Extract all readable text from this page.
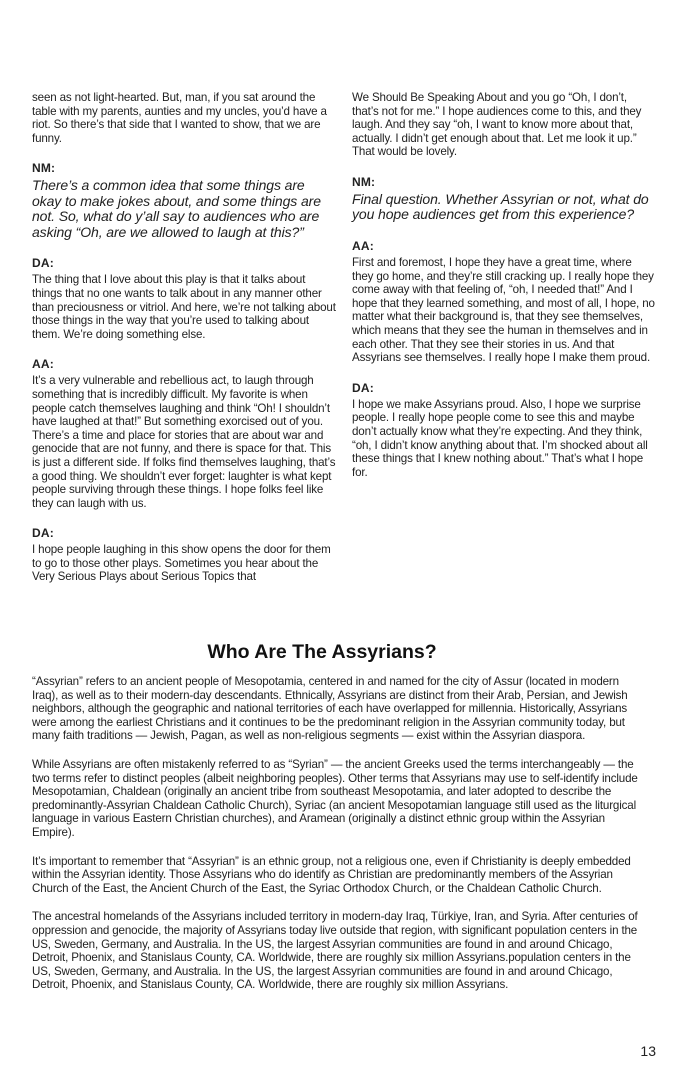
seen as not light-hearted. But, man, if you sat around the table with my parents, aunties and my uncles, you’d have a riot. So there’s that side that I wanted to show, that we are funny.

NM:

There’s a common idea that some things are okay to make jokes about, and some things are not. So, what do y’all say to audiences who are asking “Oh, are we allowed to laugh at this?”

DA:

The thing that I love about this play is that it talks about things that no one wants to talk about in any manner other than preciousness or vitriol. And here, we’re not talking about those things in the way that you’re used to talking about them. We’re doing something else.

AA:

It’s a very vulnerable and rebellious act, to laugh through something that is incredibly difficult. My favorite is when people catch themselves laughing and think “Oh! I shouldn’t have laughed at that!” But something exorcised out of you. There’s a time and place for stories that are about war and genocide that are not funny, and there is space for that. This is just a different side. If folks find themselves laughing, that’s a good thing. We shouldn’t ever forget: laughter is what kept people surviving through these things. I hope folks feel like they can laugh with us.

DA:

I hope people laughing in this show opens the door for them to go to those other plays. Sometimes you hear about the Very Serious Plays about Serious Topics that

We Should Be Speaking About and you go “Oh, I don’t, that’s not for me.” I hope audiences come to this, and they laugh. And they say “oh, I want to know more about that, actually. I didn’t get enough about that. Let me look it up.” That would be lovely.

NM:

Final question. Whether Assyrian or not, what do you hope audiences get from this experience?

AA:

First and foremost, I hope they have a great time, where they go home, and they’re still cracking up. I really hope they come away with that feeling of, “oh, I needed that!” And I hope that they learned something, and most of all, I hope, no matter what their background is, that they see themselves, which means that they see the human in themselves and in each other. That they see their stories in us. And that Assyrians see themselves. I really hope I make them proud.

DA:

I hope we make Assyrians proud. Also, I hope we surprise people. I really hope people come to see this and maybe don’t actually know what they’re expecting. And they think, “oh, I didn’t know anything about that. I’m shocked about all these things that I knew nothing about.” That’s what I hope for.

Who Are The Assyrians?

“Assyrian” refers to an ancient people of Mesopotamia, centered in and named for the city of Assur (located in modern Iraq), as well as to their modern-day descendants. Ethnically, Assyrians are distinct from their Arab, Persian, and Jewish neighbors, although the geographic and national territories of each have overlapped for millennia. Historically, Assyrians were among the earliest Christians and it continues to be the predominant religion in the Assyrian community today, but many faith traditions — Jewish, Pagan, as well as non-religious segments — exist within the Assyrian diaspora.

While Assyrians are often mistakenly referred to as “Syrian” — the ancient Greeks used the terms interchangeably — the two terms refer to distinct peoples (albeit neighboring peoples). Other terms that Assyrians may use to self-identify include Mesopotamian, Chaldean (originally an ancient tribe from southeast Mesopotamia, and later adopted to describe the predominantly-Assyrian Chaldean Catholic Church), Syriac (an ancient Mesopotamian language still used as the liturgical language in various Eastern Christian churches), and Aramean (originally a distinct ethnic group within the Assyrian Empire).

It’s important to remember that “Assyrian” is an ethnic group, not a religious one, even if Christianity is deeply embedded within the Assyrian identity. Those Assyrians who do identify as Christian are predominantly members of the Assyrian Church of the East, the Ancient Church of the East, the Syriac Orthodox Church, or the Chaldean Catholic Church.

The ancestral homelands of the Assyrians included territory in modern-day Iraq, Türkiye, Iran, and Syria. After centuries of oppression and genocide, the majority of Assyrians today live outside that region, with significant population centers in the US, Sweden, Germany, and Australia. In the US, the largest Assyrian communities are found in and around Chicago, Detroit, Phoenix, and Stanislaus County, CA. Worldwide, there are roughly six million Assyrians.population centers in the US, Sweden, Germany, and Australia. In the US, the largest Assyrian communities are found in and around Chicago, Detroit, Phoenix, and Stanislaus County, CA. Worldwide, there are roughly six million Assyrians.

13
